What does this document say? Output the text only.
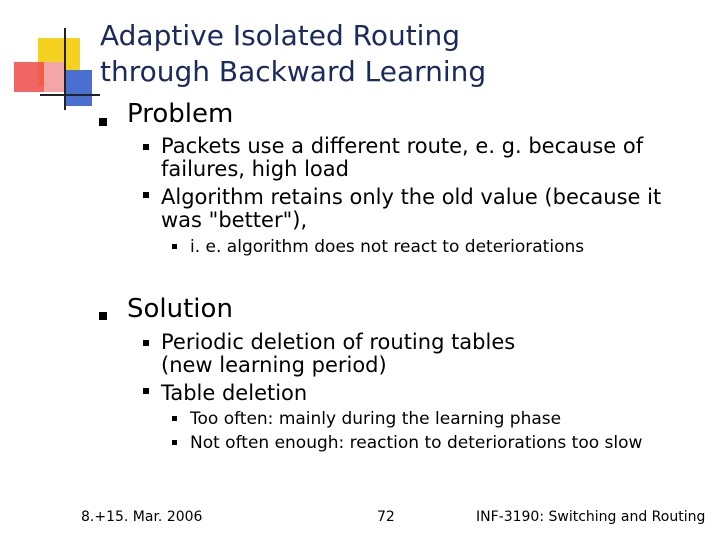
Adaptive Isolated Routing
through Backward Learning
Problem
Packets use a different route, e. g. because of
failures, high load
Algorithm retains only the old value (because it
was "better"),
i. e. algorithm does not react to deteriorations
Solution
Periodic deletion of routing tables
(new learning period)
Table deletion
Too often: mainly during the learning phase
Not often enough: reaction to deteriorations too slow
8.+15. Mar. 2006	72	INF-3190: Switching and Routing
